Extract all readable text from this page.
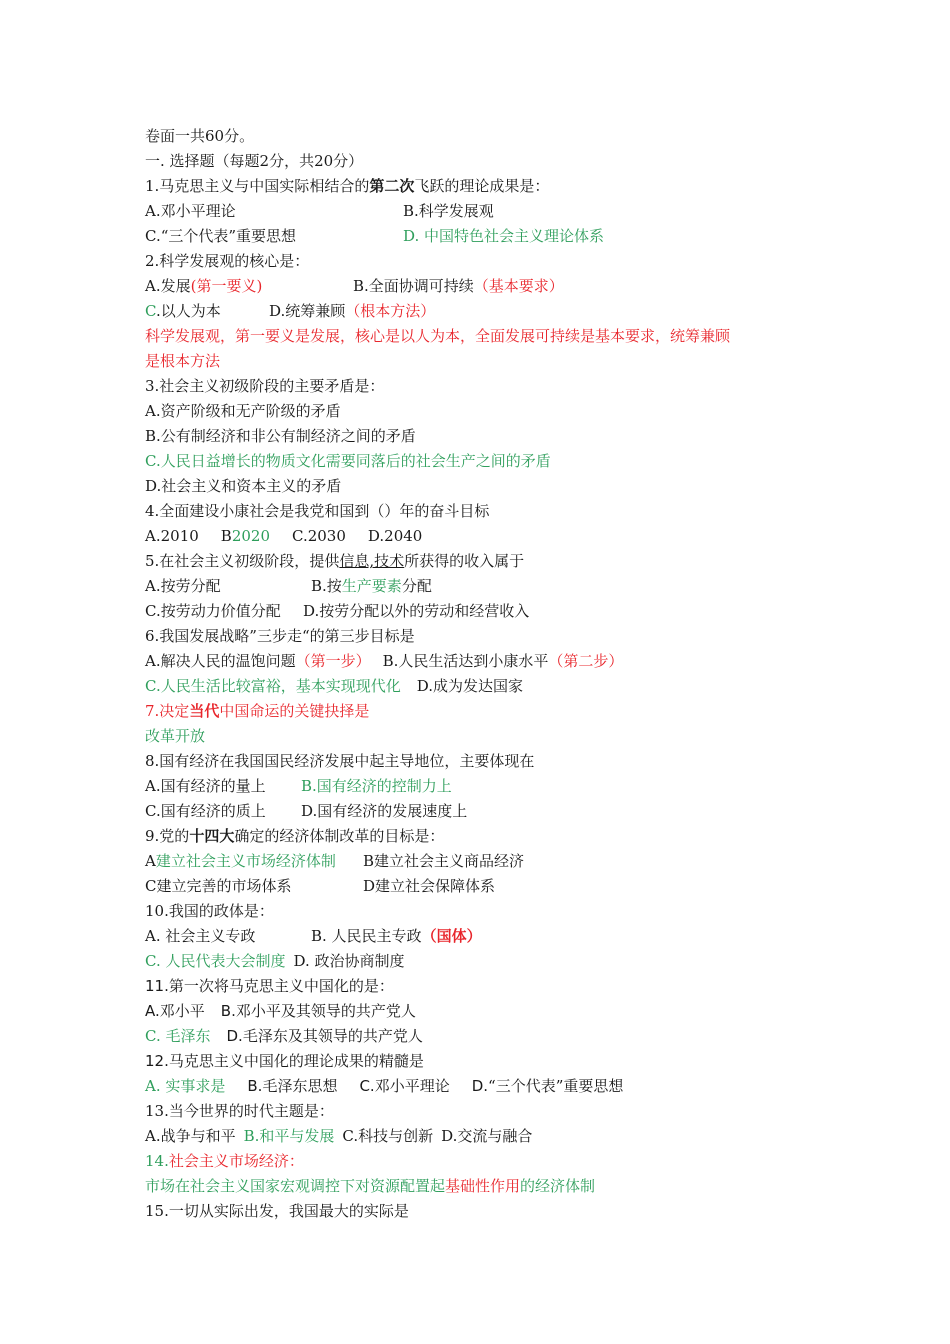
卷面一共60分。
一. 选择题（每题2分，共20分）
1.马克思主义与中国实际相结合的第二次飞跃的理论成果是：
A.邓小平理论	B.科学发展观
C.“三个代表”重要思想	D. 中国特色社会主义理论体系
2.科学发展观的核心是：
A.发展(第一要义)	B.全面协调可持续（基本要求）
C.以人为本	D.统筹兼顾（根本方法）
科学发展观，第一要义是发展，核心是以人为本，全面发展可持续是基本要求，统筹兼顾
是根本方法
3.社会主义初级阶段的主要矛盾是：
A.资产阶级和无产阶级的矛盾
B.公有制经济和非公有制经济之间的矛盾
C.人民日益增长的物质文化需要同落后的社会生产之间的矛盾
D.社会主义和资本主义的矛盾
4.全面建设小康社会是我党和国到（）年的奋斗目标
A.2010 B2020 C.2030 D.2040
5.在社会主义初级阶段，提供信息,技术所获得的收入属于
A.按劳分配	B.按生产要素分配
C.按劳动力价值分配 D.按劳分配以外的劳动和经营收入
6.我国发展战略”三步走“的第三步目标是
A.解决人民的温饱问题（第一步） B.人民生活达到小康水平（第二步）
C.人民生活比较富裕，基本实现现代化 D.成为发达国家
7.决定当代中国命运的关键抉择是
改革开放
8.国有经济在我国国民经济发展中起主导地位，主要体现在
A.国有经济的量上 B.国有经济的控制力上
C.国有经济的质上 D.国有经济的发展速度上
9.党的十四大确定的经济体制改革的目标是：
A建立社会主义市场经济体制 B建立社会主义商品经济
C建立完善的市场体系	D建立社会保障体系
10.我国的政体是：
A. 社会主义专政	B. 人民民主专政（国体）
C. 人民代表大会制度 D. 政治协商制度
11.第一次将马克思主义中国化的是：
A.邓小平 B.邓小平及其领导的共产党人
C. 毛泽东 D.毛泽东及其领导的共产党人
12.马克思主义中国化的理论成果的精髓是
A. 实事求是 B.毛泽东思想 C.邓小平理论 D.“三个代表”重要思想
13.当今世界的时代主题是：
A.战争与和平 B.和平与发展 C.科技与创新 D.交流与融合
14.社会主义市场经济：
市场在社会主义国家宏观调控下对资源配置起基础性作用的经济体制
15.一切从实际出发，我国最大的实际是
